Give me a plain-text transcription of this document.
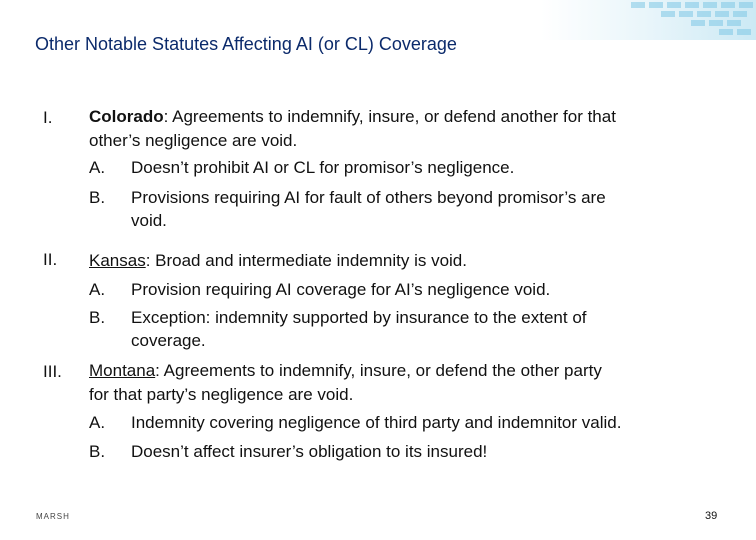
Other Notable Statutes Affecting AI (or CL) Coverage
I. Colorado: Agreements to indemnify, insure, or defend another for that
other’s negligence are void.
A. Doesn’t prohibit AI or CL for promisor’s negligence.
B. Provisions requiring AI for fault of others beyond promisor’s are
void.
II. Kansas: Broad and intermediate indemnity is void.
A. Provision requiring AI coverage for AI’s negligence void.
B. Exception: indemnity supported by insurance to the extent of
coverage.
III. Montana: Agreements to indemnify, insure, or defend the other party
for that party’s negligence are void.
A. Indemnity covering negligence of third party and indemnitor valid.
B. Doesn’t affect insurer’s obligation to its insured!
MARSH	39
